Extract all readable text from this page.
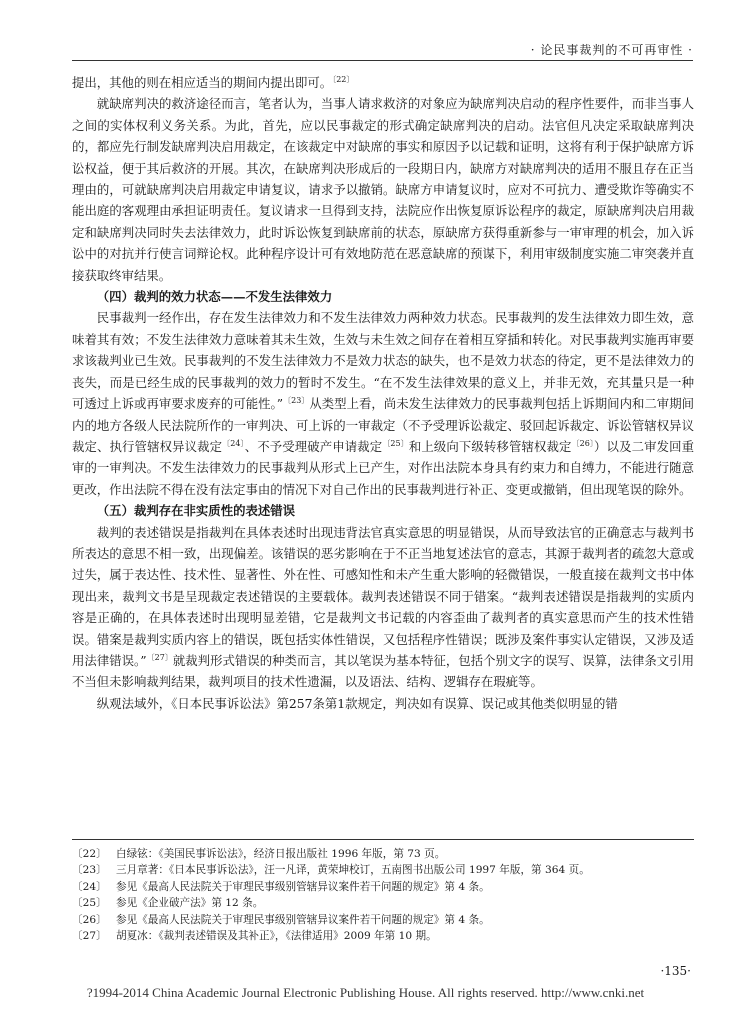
· 论民事裁判的不可再审性 ·

提出，其他的则在相应适当的期间内提出即可。$^{〔22〕}$

就缺席判决的救济途径而言，笔者认为，当事人请求救济的对象应为缺席判决启动的程序性要件，而非当事人之间的实体权利义务关系。为此，首先，应以民事裁定的形式确定缺席判决的启动。法官但凡决定采取缺席判决的，都应先行制发缺席判决启用裁定，在该裁定中对缺席的事实和原因予以记载和证明，这将有利于保护缺席方诉讼权益，便于其后救济的开展。其次，在缺席判决形成后的一段期日内，缺席方对缺席判决的适用不服且存在正当理由的，可就缺席判决启用裁定申请复议，请求予以撤销。缺席方申请复议时，应对不可抗力、遭受欺诈等确实不能出庭的客观理由承担证明责任。复议请求一旦得到支持，法院应作出恢复原诉讼程序的裁定，原缺席判决启用裁定和缺席判决同时失去法律效力，此时诉讼恢复到缺席前的状态，原缺席方获得重新参与一审审理的机会，加入诉讼中的对抗并行使言词辩论权。此种程序设计可有效地防范在恶意缺席的预谋下，利用审级制度实施二审突袭并直接获取终审结果。

（四）裁判的效力状态——不发生法律效力

民事裁判一经作出，存在发生法律效力和不发生法律效力两种效力状态。民事裁判的发生法律效力即生效，意味着其有效；不发生法律效力意味着其未生效，生效与未生效之间存在着相互穿插和转化。对民事裁判实施再审要求该裁判业已生效。民事裁判的不发生法律效力不是效力状态的缺失，也不是效力状态的待定，更不是法律效力的丧失，而是已经生成的民事裁判的效力的暂时不发生。“在不发生法律效果的意义上，并非无效，充其量只是一种可透过上诉或再审要求废弃的可能性。”$^{〔23〕}$从类型上看，尚未发生法律效力的民事裁判包括上诉期间内和二审期间内的地方各级人民法院所作的一审判决、可上诉的一审裁定（不予受理诉讼裁定、驳回起诉裁定、诉讼管辖权异议裁定、执行管辖权异议裁定$^{〔24〕}$、不予受理破产申请裁定$^{〔25〕}$和上级向下级转移管辖权裁定$^{〔26〕}$）以及二审发回重审的一审判决。不发生法律效力的民事裁判从形式上已产生，对作出法院本身具有约束力和自缚力，不能进行随意更改，作出法院不得在没有法定事由的情况下对自己作出的民事裁判进行补正、变更或撤销，但出现笔误的除外。

（五）裁判存在非实质性的表述错误

裁判的表述错误是指裁判在具体表述时出现违背法官真实意思的明显错误，从而导致法官的正确意志与裁判书所表达的意思不相一致，出现偏差。该错误的恶劣影响在于不正当地复述法官的意志，其源于裁判者的疏忽大意或过失，属于表达性、技术性、显著性、外在性、可感知性和未产生重大影响的轻微错误，一般直接在裁判文书中体现出来，裁判文书是呈现裁定表述错误的主要载体。裁判表述错误不同于错案。“裁判表述错误是指裁判的实质内容是正确的，在具体表述时出现明显差错，它是裁判文书记载的内容歪曲了裁判者的真实意思而产生的技术性错误。错案是裁判实质内容上的错误，既包括实体性错误，又包括程序性错误；既涉及案件事实认定错误，又涉及适用法律错误。”$^{〔27〕}$就裁判形式错误的种类而言，其以笔误为基本特征，包括个别文字的误写、误算，法律条文引用不当但未影响裁判结果，裁判项目的技术性遗漏，以及语法、结构、逻辑存在瑕疵等。

纵观法域外，《日本民事诉讼法》第257条第1款规定，判决如有误算、误记或其他类似明显的错

〔22〕 白绿铉：《美国民事诉讼法》，经济日报出版社 1996 年版，第 73 页。
〔23〕 三月章著：《日本民事诉讼法》，汪一凡译，黄荣坤校订，五南图书出版公司 1997 年版，第 364 页。
〔24〕 参见《最高人民法院关于审理民事级别管辖异议案件若干问题的规定》第 4 条。
〔25〕 参见《企业破产法》第 12 条。
〔26〕 参见《最高人民法院关于审理民事级别管辖异议案件若干问题的规定》第 4 条。
〔27〕 胡夏冰：《裁判表述错误及其补正》，《法律适用》2009 年第 10 期。
·135·
?1994-2014 China Academic Journal Electronic Publishing House. All rights reserved. http://www.cnki.net
